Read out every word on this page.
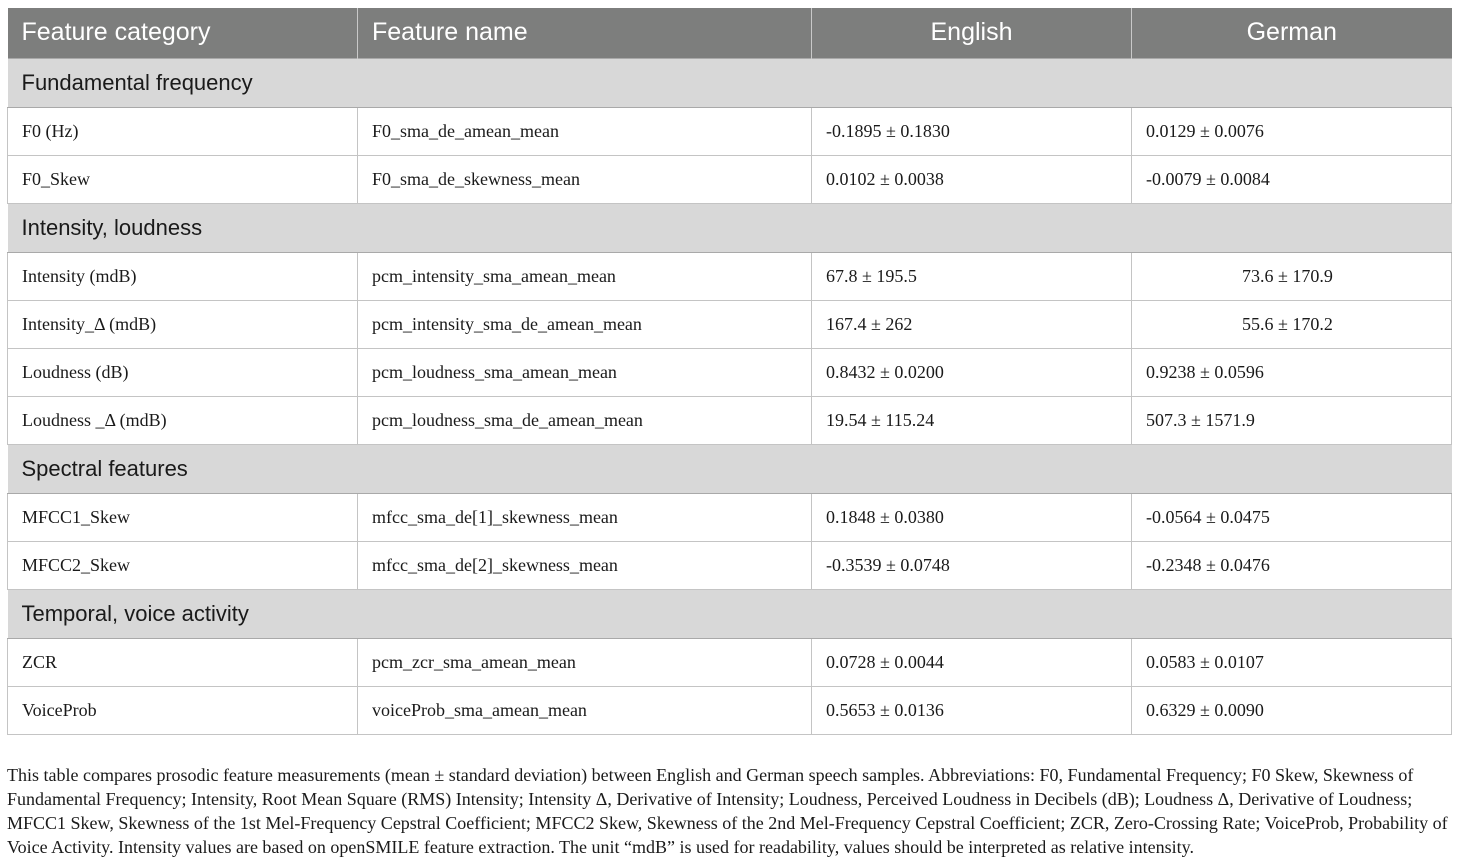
Feature category	Feature name	English	German
Fundamental frequency			
F0 (Hz)	F0_sma_de_amean_mean	-0.1895 ± 0.1830	0.0129 ± 0.0076
F0_Skew	F0_sma_de_skewness_mean	0.0102 ± 0.0038	-0.0079 ± 0.0084
Intensity, loudness			
Intensity (mdB)	pcm_intensity_sma_amean_mean	67.8 ± 195.5	73.6 ± 170.9
Intensity_Δ (mdB)	pcm_intensity_sma_de_amean_mean	167.4 ± 262	55.6 ± 170.2
Loudness (dB)	pcm_loudness_sma_amean_mean	0.8432 ± 0.0200	0.9238 ± 0.0596
Loudness _Δ (mdB)	pcm_loudness_sma_de_amean_mean	19.54 ± 115.24	507.3 ± 1571.9
Spectral features			
MFCC1_Skew	mfcc_sma_de[1]_skewness_mean	0.1848 ± 0.0380	-0.0564 ± 0.0475
MFCC2_Skew	mfcc_sma_de[2]_skewness_mean	-0.3539 ± 0.0748	-0.2348 ± 0.0476
Temporal, voice activity			
ZCR	pcm_zcr_sma_amean_mean	0.0728 ± 0.0044	0.0583 ± 0.0107
VoiceProb	voiceProb_sma_amean_mean	0.5653 ± 0.0136	0.6329 ± 0.0090

This table compares prosodic feature measurements (mean ± standard deviation) between English and German speech samples. Abbreviations: F0, Fundamental Frequency; F0 Skew, Skewness of Fundamental Frequency; Intensity, Root Mean Square (RMS) Intensity; Intensity Δ, Derivative of Intensity; Loudness, Perceived Loudness in Decibels (dB); Loudness Δ, Derivative of Loudness; MFCC1 Skew, Skewness of the 1st Mel-Frequency Cepstral Coefficient; MFCC2 Skew, Skewness of the 2nd Mel-Frequency Cepstral Coefficient; ZCR, Zero-Crossing Rate; VoiceProb, Probability of Voice Activity. Intensity values are based on openSMILE feature extraction. The unit “mdB” is used for readability, values should be interpreted as relative intensity.
